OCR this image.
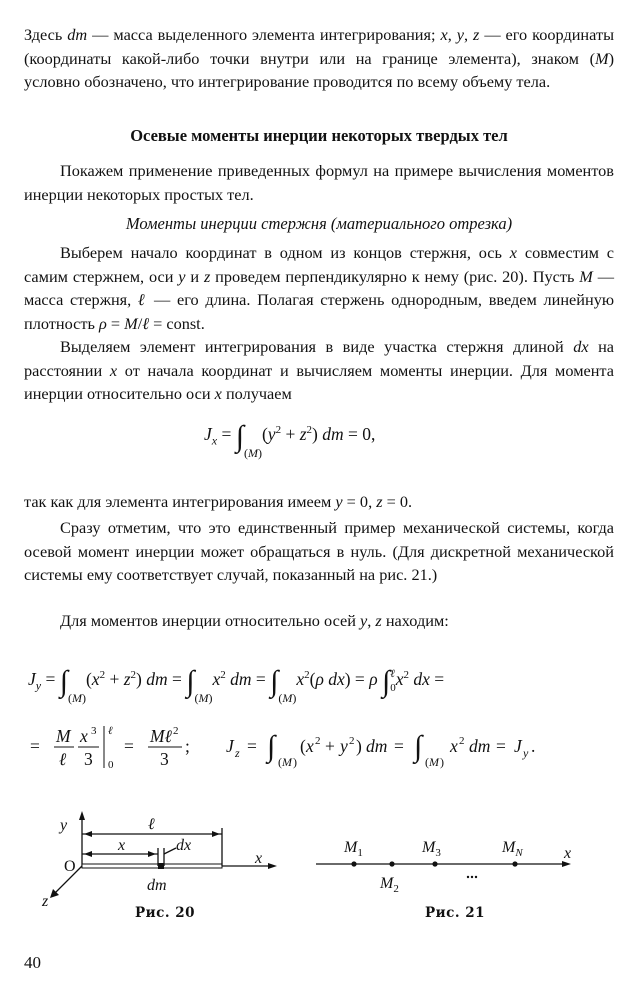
Здесь dm — масса выделенного элемента интегрирования; x, y, z — его координаты (координаты какой-либо точки внутри или на границе элемента), знаком (M) условно обозначено, что интегрирование проводится по всему объему тела.

Осевые моменты инерции некоторых твердых тел

Покажем применение приведенных формул на примере вычисления моментов инерции некоторых простых тел.

Моменты инерции стержня (материального отрезка)

Выберем начало координат в одном из концов стержня, ось x совместим с самим стержнем, оси y и z проведем перпендикулярно к нему (рис. 20). Пусть M — масса стержня, ℓ — его длина. Полагая стержень однородным, введем линейную плотность ρ = M/ℓ = const.

Выделяем элемент интегрирования в виде участка стержня длиной dx на расстоянии x от начала координат и вычисляем моменты инерции. Для момента инерции относительно оси x получаем

$J_x = \int_{(M)}(y^2 + z^2)$ dm = 0,

так как для элемента интегрирования имеем y = 0, z = 0.

Сразу отметим, что это единственный пример механической системы, когда осевой момент инерции может обращаться в нуль. (Для дискретной механической системы ему соответствует случай, показанный на рис. 21.)

Для моментов инерции относительно осей y, z находим:

$J_y = \int_{(M)}(x^2 + z^2)$ dm = $\int_{(M)}x^2$ dm = $\int_{(M)}x^2(\rho$ dx) = ρ ∫ℓ
$0x^2$ dx =
= M
ℓ
x 3
3
ℓ
0
= Mℓ 2
3
; J z = ∫ ( M )
( x 2 + y 2 ) dm = ∫ ( M )
x 2 dm = J y .
y	ℓ
x	dx
O	x
z
dm
Рис. 20
$M_1$
$M_2$
$M_3$	$M_N$	x
Рис. 21
40
